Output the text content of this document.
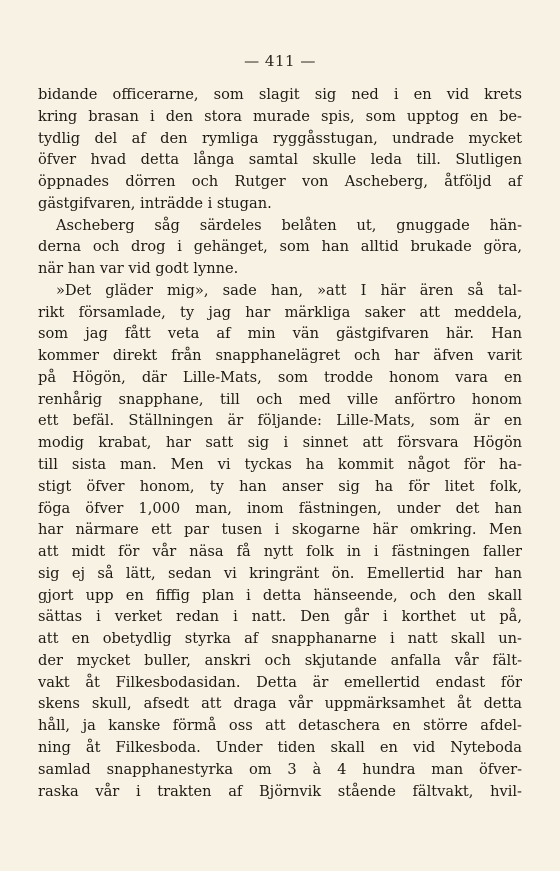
— 411 —
bidande officerarne, som slagit sig ned i en vid krets
kring brasan i den stora murade spis, som upptog en be-
tydlig del af den rymliga ryggåsstugan, undrade mycket
öfver hvad detta långa samtal skulle leda till. Slutligen
öppnades dörren och Rutger von Ascheberg, åtföljd af
gästgifvaren, inträdde i stugan.
Ascheberg såg särdeles belåten ut, gnuggade hän-
derna och drog i gehänget, som han alltid brukade göra,
när han var vid godt lynne.
»Det gläder mig», sade han, »att I här ären så tal-
rikt församlade, ty jag har märkliga saker att meddela,
som jag fått veta af min vän gästgifvaren här. Han
kommer direkt från snapphanelägret och har äfven varit
på Högön, där Lille-Mats, som trodde honom vara en
renhårig snapphane, till och med ville anförtro honom
ett befäl. Ställningen är följande: Lille-Mats, som är en
modig krabat, har satt sig i sinnet att försvara Högön
till sista man. Men vi tyckas ha kommit något för ha-
stigt öfver honom, ty han anser sig ha för litet folk,
föga öfver 1,000 man, inom fästningen, under det han
har närmare ett par tusen i skogarne här omkring. Men
att midt för vår näsa få nytt folk in i fästningen faller
sig ej så lätt, sedan vi kringränt ön. Emellertid har han
gjort upp en fiffig plan i detta hänseende, och den skall
sättas i verket redan i natt. Den går i korthet ut på,
att en obetydlig styrka af snapphanarne i natt skall un-
der mycket buller, anskri och skjutande anfalla vår fält-
vakt åt Filkesbodasidan. Detta är emellertid endast för
skens skull, afsedt att draga vår uppmärksamhet åt detta
håll, ja kanske förmå oss att detaschera en större afdel-
ning åt Filkesboda. Under tiden skall en vid Nyteboda
samlad snapphanestyrka om 3 à 4 hundra man öfver-
raska vår i trakten af Björnvik stående fältvakt, hvil-
